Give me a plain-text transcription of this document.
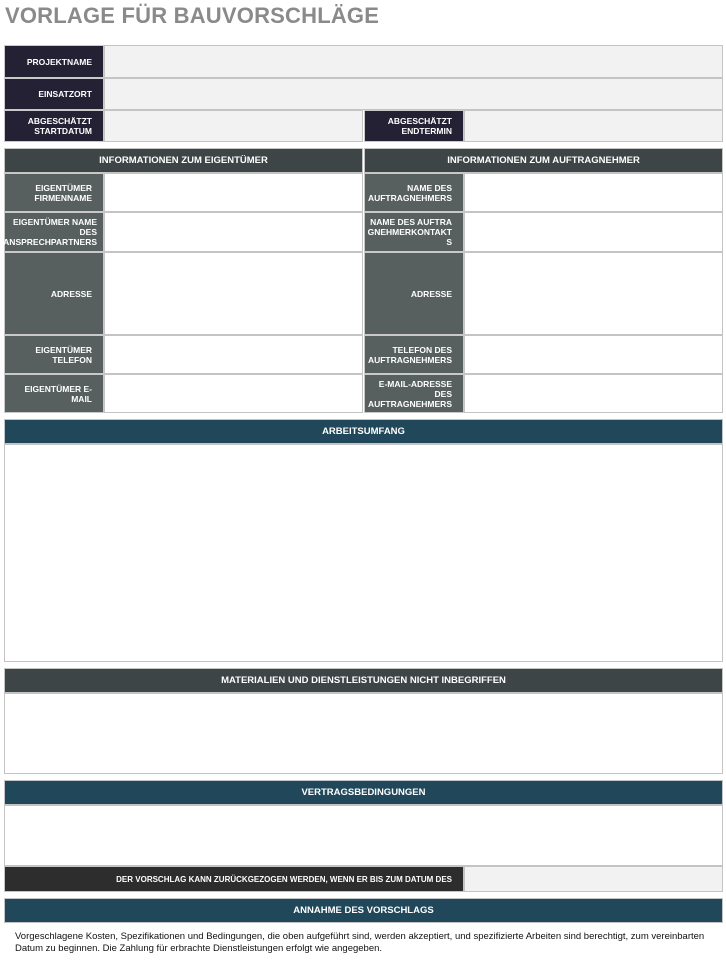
VORLAGE FÜR BAUVORSCHLÄGE
PROJEKTNAME
EINSATZORT
ABGESCHÄTZT STARTDATUM
ABGESCHÄTZT ENDTERMIN
INFORMATIONEN ZUM EIGENTÜMER	INFORMATIONEN ZUM AUFTRAGNEHMER
EIGENTÜMER FIRMENNAME
EIGENTÜMER NAME DES ANSPRECHPARTNERS
ADRESSE
EIGENTÜMER TELEFON
EIGENTÜMER E-MAIL
NAME DES AUFTRAGNEHMERS
NAME DES AUFTRAGNEHMERKONTAKTS
ADRESSE
TELEFON DES AUFTRAGNEHMERS
E-MAIL-ADRESSE DES AUFTRAGNEHMERS
ARBEITSUMFANG
MATERIALIEN UND DIENSTLEISTUNGEN NICHT INBEGRIFFEN
VERTRAGSBEDINGUNGEN
DER VORSCHLAG KANN ZURÜCKGEZOGEN WERDEN, WENN ER BIS ZUM DATUM DES
ANNAHME DES VORSCHLAGS
Vorgeschlagene Kosten, Spezifikationen und Bedingungen, die oben aufgeführt sind, werden akzeptiert, und spezifizierte Arbeiten sind berechtigt, zum vereinbarten Datum zu beginnen. Die Zahlung für erbrachte Dienstleistungen erfolgt wie angegeben.
